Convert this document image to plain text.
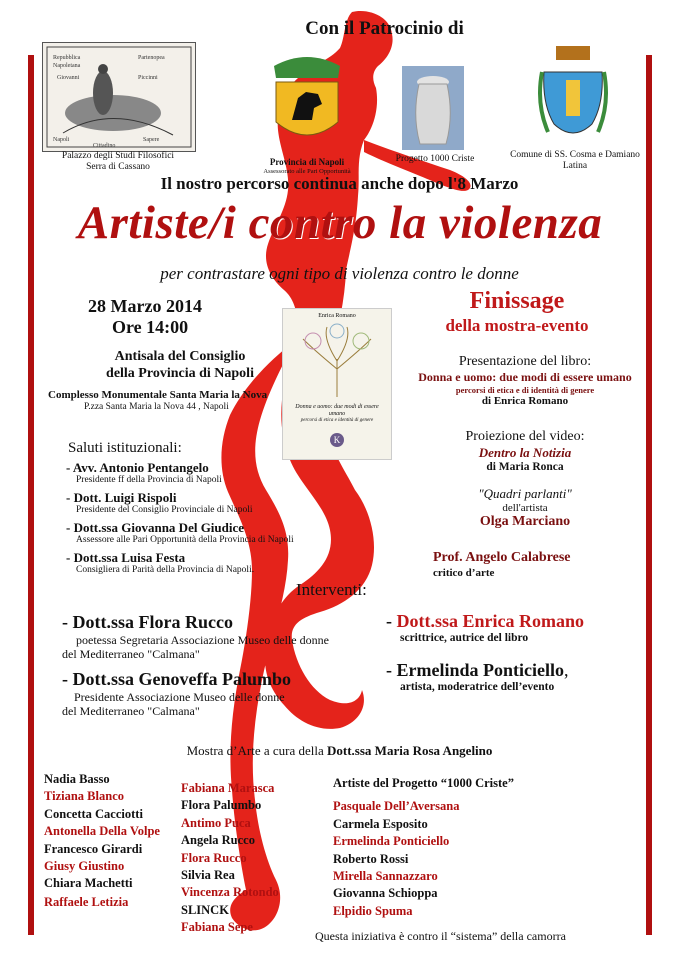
Con il Patrocinio di
Repubblica
Napoletana
Partenopea
Giovanni	Piccinni
Napoli	Sapere
Cittadino
Palazzo degli Studi Filosofici
Serra di Cassano	Provincia di Napoli
Assessorato alle Pari Opportunità
Progetto 1000 Criste	Comune di SS. Cosma e Damiano
Latina
Il nostro percorso continua anche dopo l'8 Marzo
Artiste/i contro la violenza
per contrastare ogni tipo di violenza contro le donne
28 Marzo 2014
Ore 14:00
Antisala del Consiglio
della Provincia di Napoli
Complesso Monumentale Santa Maria la Nova
P.zza Santa Maria la Nova 44 , Napoli
Enrica Romano
Donna e uomo: due modi di essere umano
percorsi di etica e identità di genere
K
Finissage
della mostra-evento
Presentazione del libro:
Donna e uomo: due modi di essere umano
percorsi di etica e di identità di genere
di Enrica Romano
Proiezione del video:
Dentro la Notizia
di Maria Ronca
"Quadri parlanti"
dell'artista
Olga Marciano
Prof. Angelo Calabrese
critico d’arte
Saluti istituzionali:
- Avv. Antonio Pentangelo
Presidente ff della Provincia di Napoli
- Dott. Luigi Rispoli
Presidente del Consiglio Provinciale di Napoli
- Dott.ssa Giovanna Del Giudice
Assessore alle Pari Opportunità della Provincia di Napoli
- Dott.ssa Luisa Festa
Consigliera di Parità della Provincia di Napoli.
Interventi:
- Dott.ssa Flora Rucco
poetessa Segretaria Associazione Museo delle donne
del Mediterraneo "Calmana"
- Dott.ssa Genoveffa Palumbo
Presidente Associazione Museo delle donne
del Mediterraneo "Calmana"
- Dott.ssa Enrica Romano
scrittrice, autrice del libro
- Ermelinda Ponticiello,
artista, moderatrice dell’evento
Mostra d’Arte a cura della Dott.ssa Maria Rosa Angelino
Nadia Basso
Tiziana Blanco
Concetta Cacciotti
Antonella Della Volpe
Francesco Girardi
Giusy Giustino
Chiara Machetti
Raffaele Letizia
Fabiana Marasca
Flora Palumbo
Antimo Puca
Angela Rucco
Flora Rucco
Silvia Rea
Vincenza Rotondo
SLINCK
Fabiana Sepe
Artiste del Progetto “1000 Criste”
Pasquale Dell’Aversana
Carmela Esposito
Ermelinda Ponticiello
Roberto Rossi
Mirella Sannazzaro
Giovanna Schioppa
Elpidio Spuma
Questa iniziativa è contro il “sistema” della camorra
